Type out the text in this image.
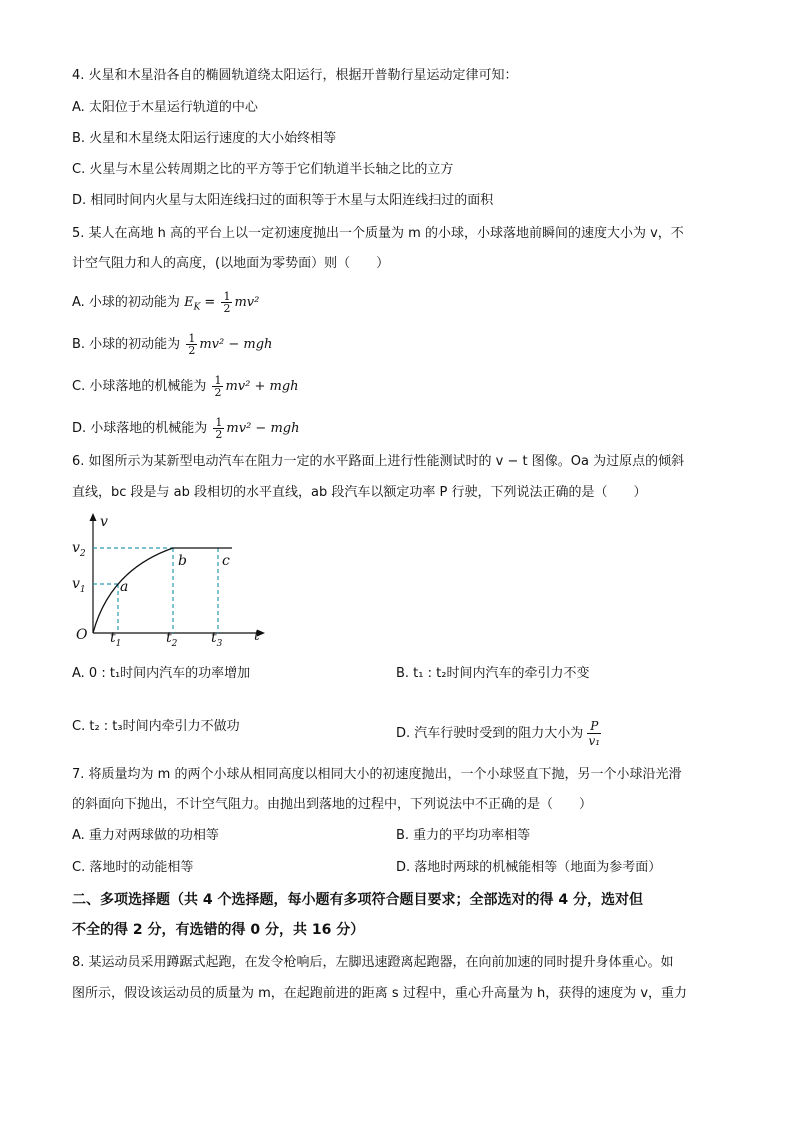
4. 火星和木星沿各自的椭圆轨道绕太阳运行，根据开普勒行星运动定律可知：
A. 太阳位于木星运行轨道的中心
B. 火星和木星绕太阳运行速度的大小始终相等
C. 火星与木星公转周期之比的平方等于它们轨道半长轴之比的立方
D. 相同时间内火星与太阳连线扫过的面积等于木星与太阳连线扫过的面积
5. 某人在高地 h 高的平台上以一定初速度抛出一个质量为 m 的小球，小球落地前瞬间的速度大小为 v，不
计空气阻力和人的高度，(以地面为零势面）则（　　）
A. 小球的初动能为 $E_K = \frac{1}{2} mv^2$
B. 小球的初动能为 $\frac{1}{2} mv^2$ − mgh
C. 小球落地的机械能为 $\frac{1}{2} mv^2$ + mgh
D. 小球落地的机械能为 $\frac{1}{2} mv^2$ − mgh
6. 如图所示为某新型电动汽车在阻力一定的水平路面上进行性能测试时的 v − t 图像。Oa 为过原点的倾斜
直线，bc 段是与 ab 段相切的水平直线，ab 段汽车以额定功率 P 行驶，下列说法正确的是（　　）
v
t
O
$v_2$
$v_1$
$t_1$	$t_2$ $t_3$
a
b	c
A. 0 : t₁时间内汽车的功率增加	B. t₁ : t₂时间内汽车的牵引力不变
C. t₂ : t₃时间内牵引力不做功	D. 汽车行驶时受到的阻力大小为 $\frac{P}{\text{v₁}}$
7. 将质量均为 m 的两个小球从相同高度以相同大小的初速度抛出，一个小球竖直下抛，另一个小球沿光滑
的斜面向下抛出，不计空气阻力。由抛出到落地的过程中，下列说法中不正确的是（　　）
A. 重力对两球做的功相等	B. 重力的平均功率相等
C. 落地时的动能相等	D. 落地时两球的机械能相等（地面为参考面）
二、多项选择题（共 4 个选择题，每小题有多项符合题目要求；全部选对的得 4 分，选对但
不全的得 2 分，有选错的得 0 分，共 16 分）
8. 某运动员采用蹲踞式起跑，在发令枪响后，左脚迅速蹬离起跑器，在向前加速的同时提升身体重心。如
图所示，假设该运动员的质量为 m，在起跑前进的距离 s 过程中，重心升高量为 h，获得的速度为 v，重力
